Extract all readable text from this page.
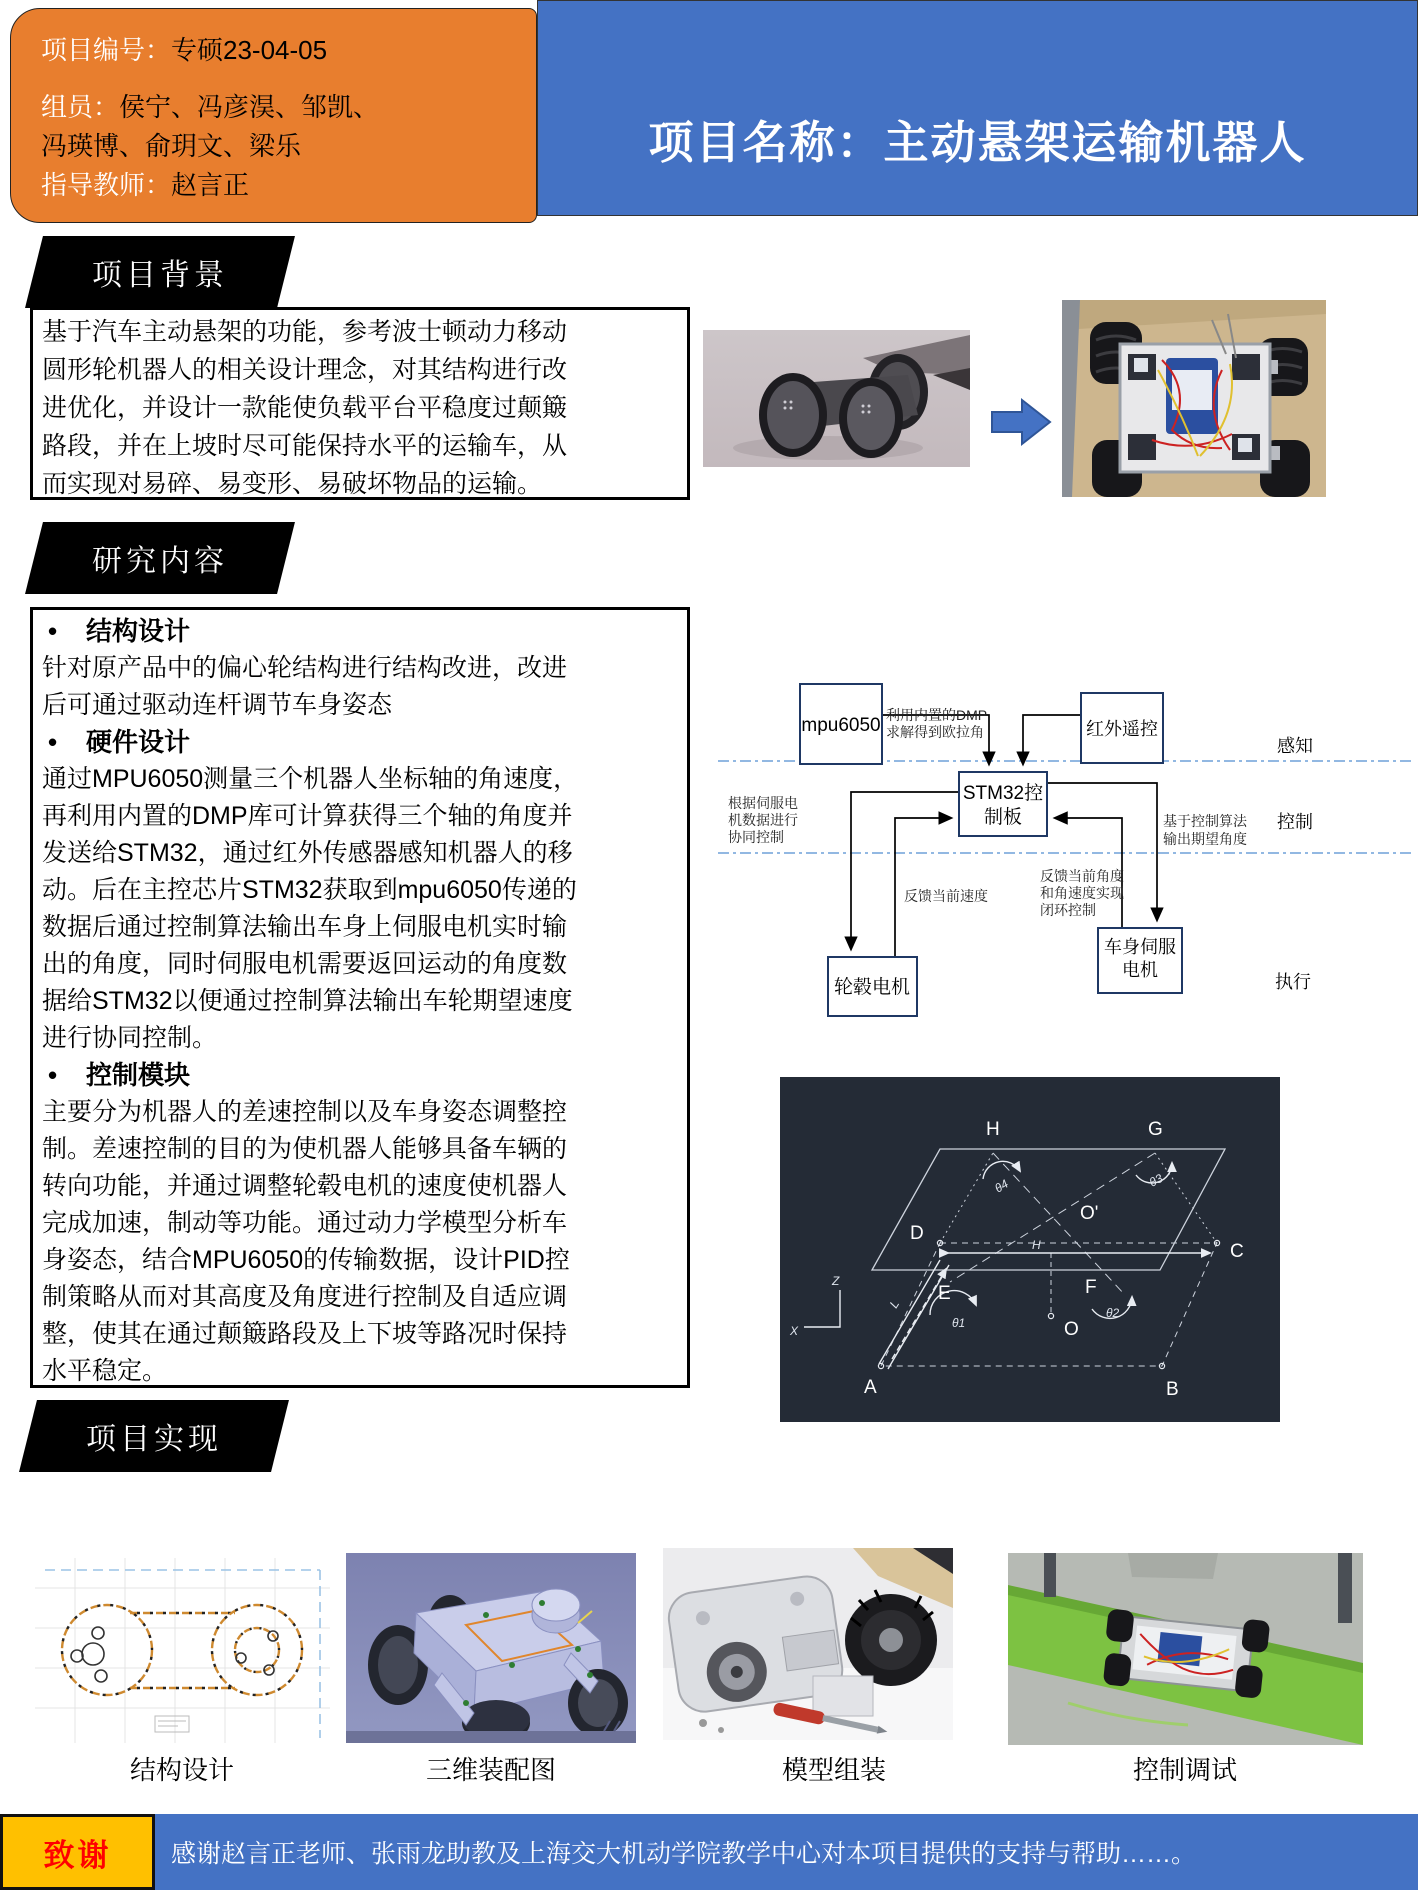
项目编号：专硕23-04-05
组员：侯宁、冯彦淏、邹凯、
冯瑛博、俞玥文、梁乐
指导教师：赵言正
项目名称：主动悬架运输机器人
项目背景
研究内容
项目实现
基于汽车主动悬架的功能，参考波士顿动力移动
圆形轮机器人的相关设计理念，对其结构进行改
进优化，并设计一款能使负载平台平稳度过颠簸
路段，并在上坡时尽可能保持水平的运输车，从
而实现对易碎、易变形、易破坏物品的运输。
• 结构设计
针对原产品中的偏心轮结构进行结构改进，改进
后可通过驱动连杆调节车身姿态
• 硬件设计
通过MPU6050测量三个机器人坐标轴的角速度，
再利用内置的DMP库可计算获得三个轴的角度并
发送给STM32，通过红外传感器感知机器人的移
动。后在主控芯片STM32获取到mpu6050传递的
数据后通过控制算法输出车身上伺服电机实时输
出的角度，同时伺服电机需要返回运动的角度数
据给STM32以便通过控制算法输出车轮期望速度
进行协同控制。
• 控制模块
主要分为机器人的差速控制以及车身姿态调整控
制。差速控制的目的为使机器人能够具备车辆的
转向功能，并通过调整轮毂电机的速度使机器人
完成加速，制动等功能。通过动力学模型分析车
身姿态，结合MPU6050的传输数据，设计PID控
制策略从而对其高度及角度进行控制及自适应调
整，使其在通过颠簸路段及上下坡等路况时保持
水平稳定。
mpu6050	红外遥控
STM32控
制板
轮毂电机
车身伺服
电机
利用内置的DMP
求解得到欧拉角
根据伺服电
机数据进行
协同控制
基于控制算法
输出期望角度
反馈当前速度
反馈当前角度
和角速度实现
闭环控制
感知
控制
执行
H	G
D
C
E	F
O
O'
A	B
θ1
θ2
θ3
θ4
H
L
Z
X
结构设计	三维装配图	模型组装	控制调试
致谢 感谢赵言正老师、张雨龙助教及上海交大机动学院教学中心对本项目提供的支持与帮助……。
